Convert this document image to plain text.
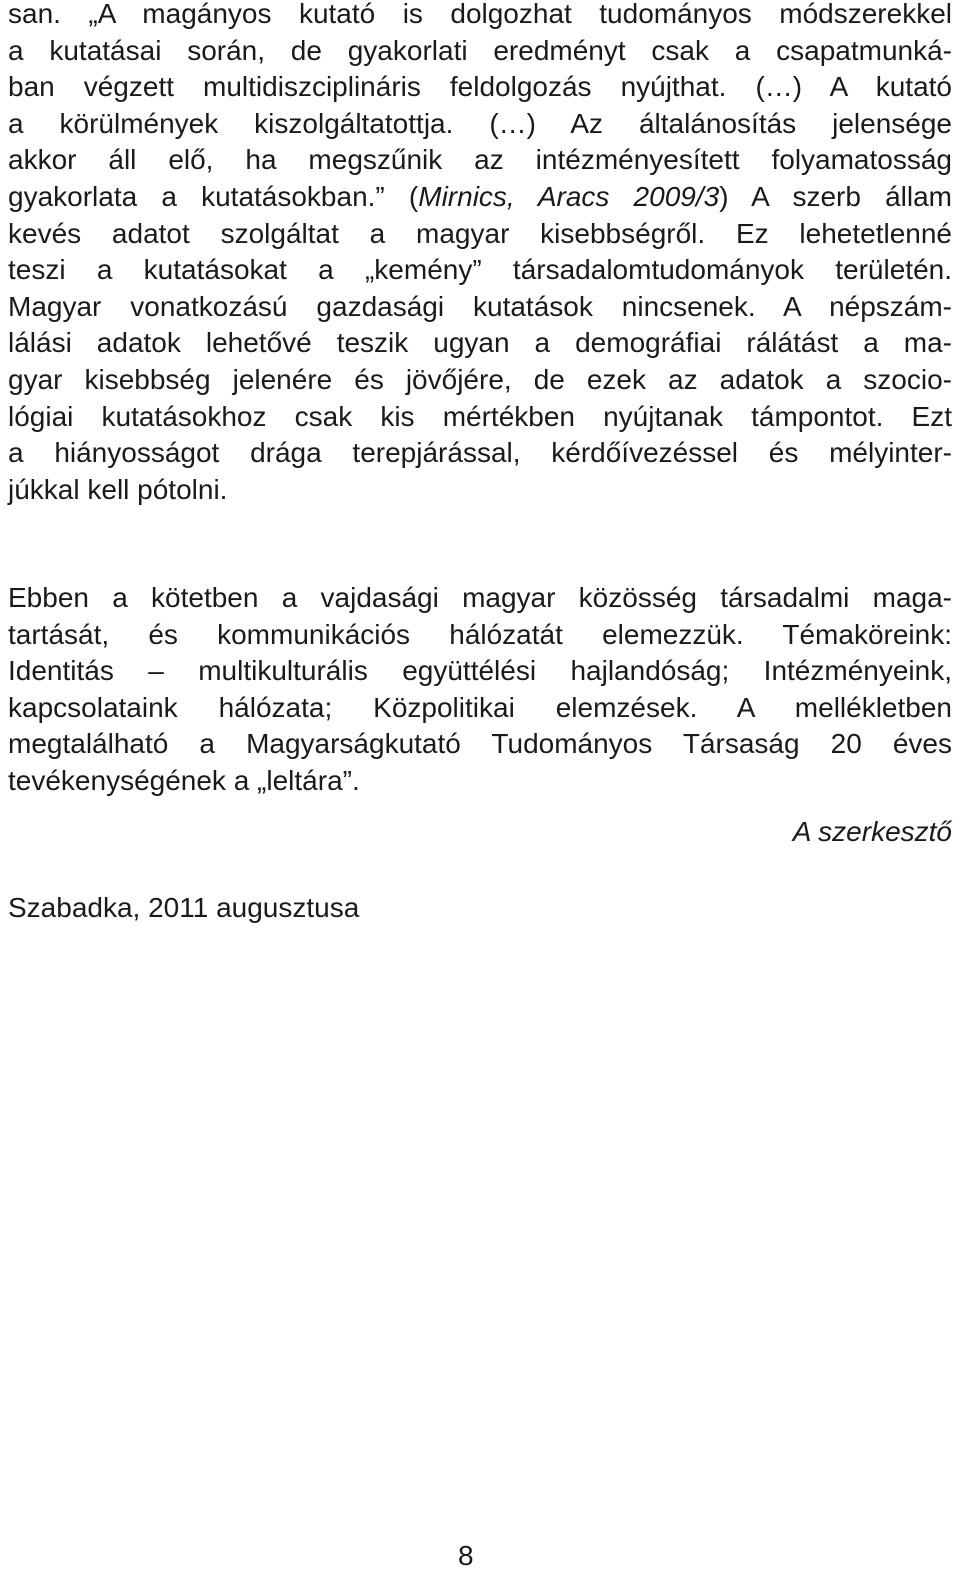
san. „A magányos kutató is dolgozhat tudományos módszerekkel
a kutatásai során, de gyakorlati eredményt csak a csapatmunká-
ban végzett multidiszciplináris feldolgozás nyújthat. (…) A kutató
a körülmények kiszolgáltatottja. (…) Az általánosítás jelensége
akkor áll elő, ha megszűnik az intézményesített folyamatosság
gyakorlata a kutatásokban.” (Mirnics, Aracs 2009/3) A szerb állam
kevés adatot szolgáltat a magyar kisebbségről. Ez lehetetlenné
teszi a kutatásokat a „kemény” társadalomtudományok területén.
Magyar vonatkozású gazdasági kutatások nincsenek. A népszám-
lálási adatok lehetővé teszik ugyan a demográfiai rálátást a ma-
gyar kisebbség jelenére és jövőjére, de ezek az adatok a szocio-
lógiai kutatásokhoz csak kis mértékben nyújtanak támpontot. Ezt
a hiányosságot drága terepjárással, kérdőívezéssel és mélyinter-
júkkal kell pótolni.

Ebben a kötetben a vajdasági magyar közösség társadalmi maga-
tartását, és kommunikációs hálózatát elemezzük. Témaköreink:
Identitás – multikulturális együttélési hajlandóság; Intézményeink,
kapcsolataink hálózata; Közpolitikai elemzések. A mellékletben
megtalálható a Magyarságkutató Tudományos Társaság 20 éves
tevékenységének a „leltára”.

A szerkesztő
Szabadka, 2011 augusztusa
8
